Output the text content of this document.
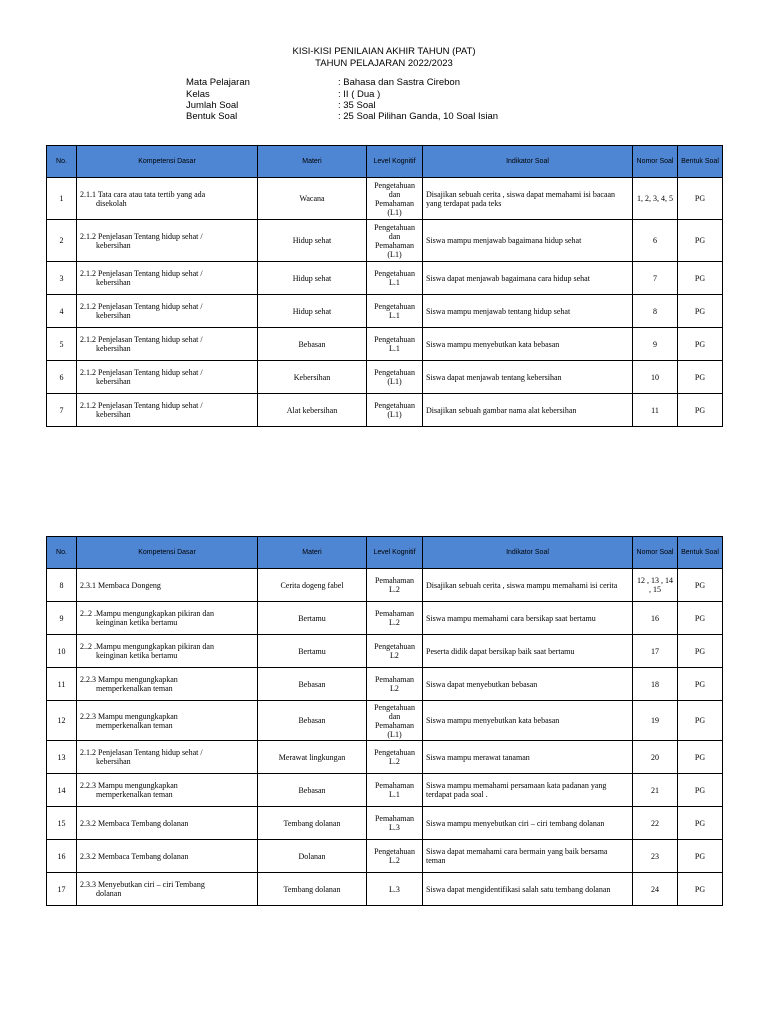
KISI-KISI PENILAIAN AKHIR TAHUN (PAT)
TAHUN PELAJARAN 2022/2023
Mata Pelajaran	: Bahasa dan Sastra Cirebon
Kelas	: II ( Dua )
Jumlah Soal	: 35 Soal
Bentuk Soal	: 25 Soal Pilihan Ganda, 10 Soal Isian
No.	Kompetensi Dasar	Materi	Level Kognitif	Indikator Soal	Nomor Soal	Bentuk Soal
1	2.1.1 Tata cara atau tata tertib yang ada
disekolah	Wacana	Pengetahuan dan Pemahaman (L1)	Disajikan sebuah cerita , siswa dapat memahami isi bacaan yang terdapat pada teks	1, 2, 3, 4, 5	PG
2	2.1.2 Penjelasan Tentang hidup sehat /
kebersihan	Hidup sehat	Pengetahuan dan Pemahaman (L1)	Siswa mampu menjawab bagaimana hidup sehat	6	PG
3	2.1.2 Penjelasan Tentang hidup sehat /
kebersihan	Hidup sehat	Pengetahuan L.1	Siswa dapat menjawab bagaimana cara hidup sehat	7	PG
4	2.1.2 Penjelasan Tentang hidup sehat /
kebersihan	Hidup sehat	Pengetahuan L.1	Siswa mampu menjawab tentang hidup sehat	8	PG
5	2.1.2 Penjelasan Tentang hidup sehat /
kebersihan	Bebasan	Pengetahuan L.1	Siswa mampu menyebutkan kata bebasan	9	PG
6	2.1.2 Penjelasan Tentang hidup sehat /
kebersihan	Kebersihan	Pengetahuan (L1)	Siswa dapat menjawab tentang kebersihan	10	PG
7	2.1.2 Penjelasan Tentang hidup sehat /
kebersihan	Alat kebersihan	Pengetahuan (L1)	Disajikan sebuah gambar nama alat kebersihan	11	PG
No.	Kompetensi Dasar	Materi	Level Kognitif	Indikator Soal	Nomor Soal	Bentuk Soal
8	2.3.1 Membaca Dongeng	Cerita dogeng fabel	Pemahaman L.2	Disajikan sebuah cerita , siswa mampu memahami isi cerita	12 , 13 , 14 , 15	PG
9	2..2 .Mampu mengungkapkan pikiran dan
keinginan ketika bertamu	Bertamu	Pemahaman L.2	Siswa mampu memahami cara bersikap saat bertamu	16	PG
10	2..2 .Mampu mengungkapkan pikiran dan
keinginan ketika bertamu	Bertamu	Pengetahuan L2	Peserta didik dapat bersikap baik saat bertamu	17	PG
11	2.2.3 Mampu mengungkapkan
memperkenalkan teman	Bebasan	Pemahaman L2	Siswa dapat menyebutkan bebasan	18	PG
12	2.2.3 Mampu mengungkapkan
memperkenalkan teman	Bebasan	Pengetahuan dan Pemahaman (L1)	Siswa mampu menyebutkan kata bebasan	19	PG
13	2.1.2 Penjelasan Tentang hidup sehat /
kebersihan	Merawat lingkungan	Pengetahuan L.2	Siswa mampu merawat tanaman	20	PG
14	2.2.3 Mampu mengungkapkan
memperkenalkan teman	Bebasan	Pemahaman L.1	Siswa mampu memahami persamaan kata padanan yang terdapat pada soal .	21	PG
15	2.3.2 Membaca Tembang dolanan	Tembang dolanan	Pemahaman L.3	Siswa mampu menyebutkan ciri – ciri tembang dolanan	22	PG
16	2.3.2 Membaca Tembang dolanan	Dolanan	Pengetahuan L.2	Siswa dapat memahami cara bermain yang baik bersama teman	23	PG
17	2.3.3 Menyebutkan ciri – ciri Tembang
dolanan	Tembang dolanan	L.3	Siswa dapat mengidentifikasi salah satu tembang dolanan	24	PG
